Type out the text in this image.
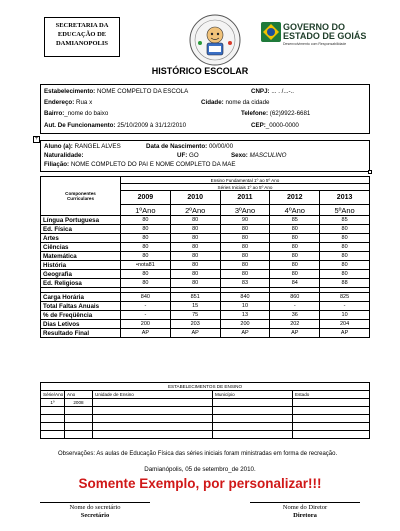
SECRETARIA DA
EDUCAÇÃO DE
DAMIANOPOLIS
GOVERNO DO
ESTADO DE GOIÁS
Desenvolvimento com Responsabilidade
HISTÓRICO ESCOLAR
Estabelecimento: NOME COMPELTO DA ESCOLA	CNPJ: ... . /...-..
Endereço: Rua x	Cidade: nome da cidade
Bairro:_nome do baixo	Telefone: (62)9922-6681
Aut. De Funcionamento: 25/10/2009 à 31/12/2010	CEP:_0000-0000
+
Aluno (a): RANGEL ALVES	Data de Nascimento: 00/00/00
Naturalidade:	UF: GO	Sexo: MASCULINO
Filiação: NOME COMPLETO DO PAI E NOME COMPLETO DA MAE
Componentes
Curriculares	Ensino Fundamental 1º ao 5º Ano				
	Séries Iniciais 1º ao 5º Ano				
	2009	2010	2011	2012	2013
	1ºAno	2ºAno	3ºAno	4ºAno	5ºAno
Língua Portuguesa	80	80	90	85	85
Ed. Física	80	80	80	80	80
Artes	80	80	80	80	80
Ciências	80	80	80	80	80
Matemática	80	80	80	80	80
História	•nota81	80	80	80	80
Geografia	80	80	80	80	80
Ed. Religiosa	80	80	83	84	88

Carga Horária	840	851	840	860	825
Total Faltas Anuais	-	15	10	-	-
% de Freqüência	-	75	13	36	10
Dias Letivos	200	203	200	202	204
Resultado Final	AP	AP	AP	AP	AP
ESTABELECIMENTOS DE ENSINO				
Série/Ano	Ano	Unidade de Ensino	Município	Estado
1º	2008			

Observações: As aulas de Educação Física das séries iniciais foram ministradas em forma de recreação.
Damianópolis, 05 de setembro_de 2010.
Somente Exemplo, por personalizar!!!
Nome do secretário
Secretário
Nome do Diretor
Diretora
